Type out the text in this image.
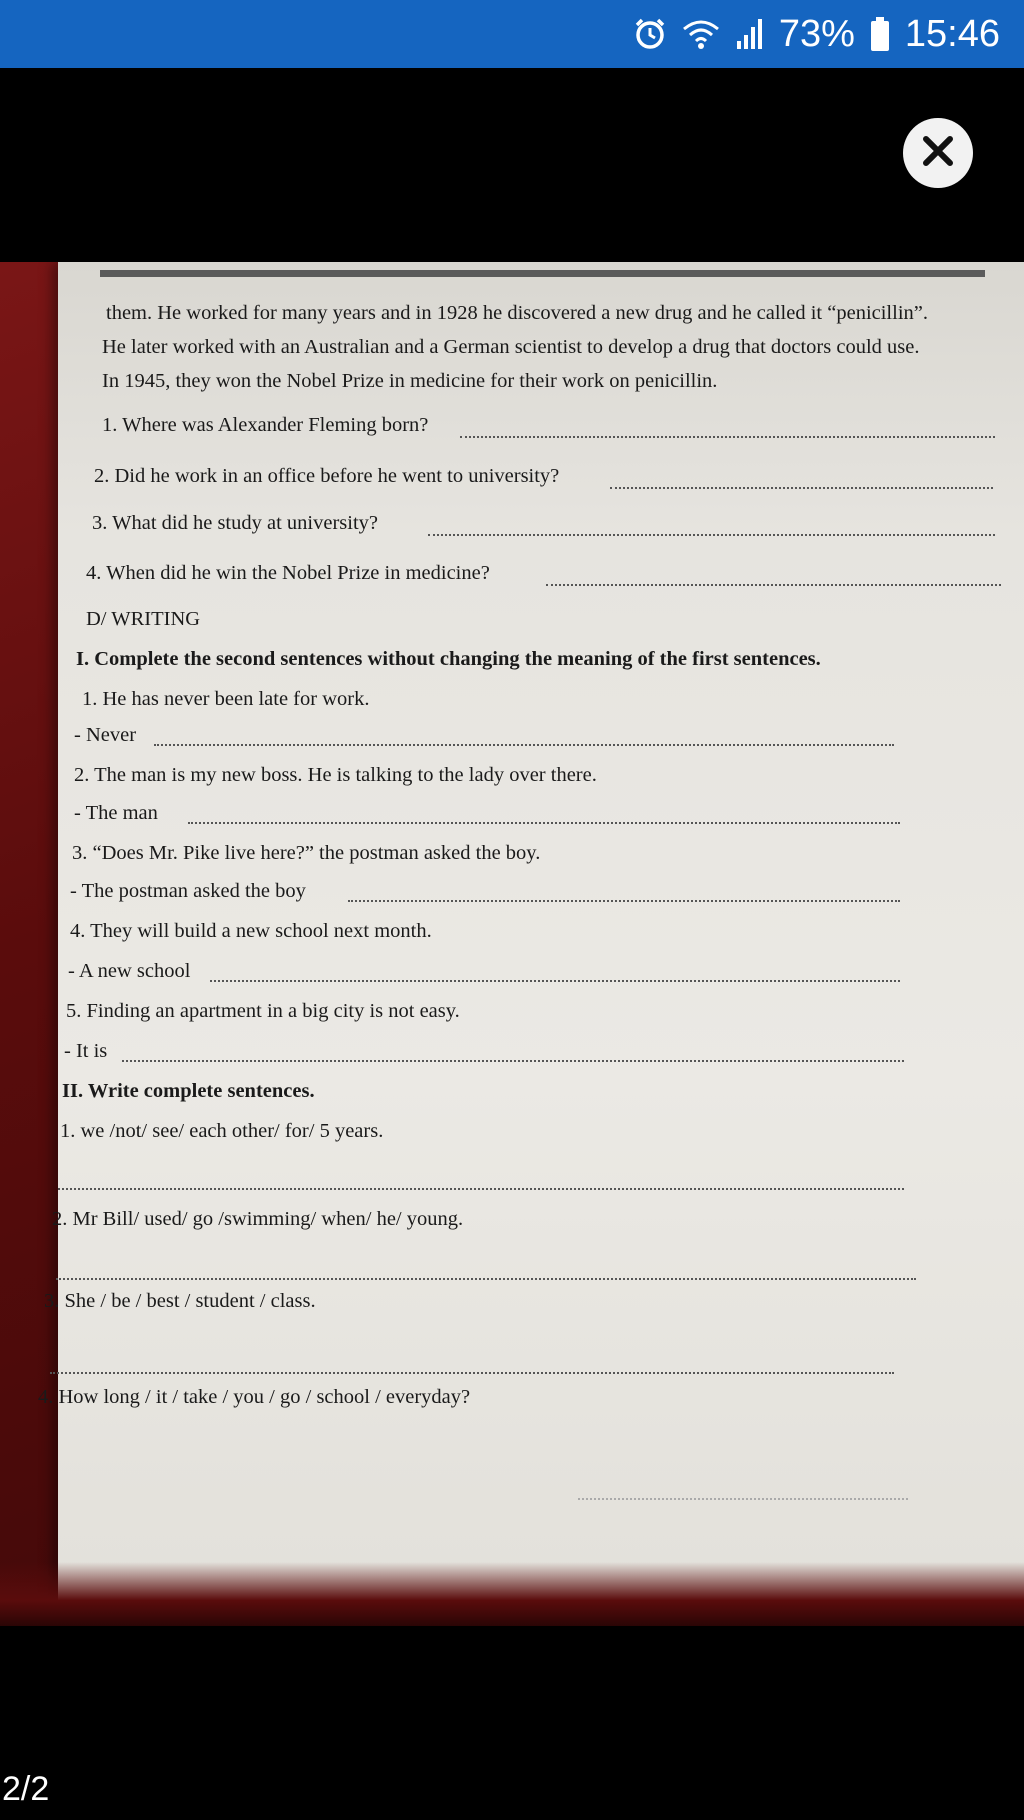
73% 15:46
them. He worked for many years and in 1928 he discovered a new drug and he called it “penicillin”.
He later worked with an Australian and a German scientist to develop a drug that doctors could use.
In 1945, they won the Nobel Prize in medicine for their work on penicillin.
1. Where was Alexander Fleming born?
2. Did he work in an office before he went to university?
3. What did he study at university?
4. When did he win the Nobel Prize in medicine?
D/ WRITING
I. Complete the second sentences without changing the meaning of the first sentences.
1. He has never been late for work.
- Never
2. The man is my new boss. He is talking to the lady over there.
- The man
3. “Does Mr. Pike live here?” the postman asked the boy.
- The postman asked the boy
4. They will build a new school next month.
- A new school
5. Finding an apartment in a big city is not easy.
- It is
II. Write complete sentences.
1. we /not/ see/ each other/ for/ 5 years.
2. Mr Bill/ used/ go /swimming/ when/ he/ young.
3. She / be / best / student / class.
4. How long / it / take / you / go / school / everyday?
2/2
